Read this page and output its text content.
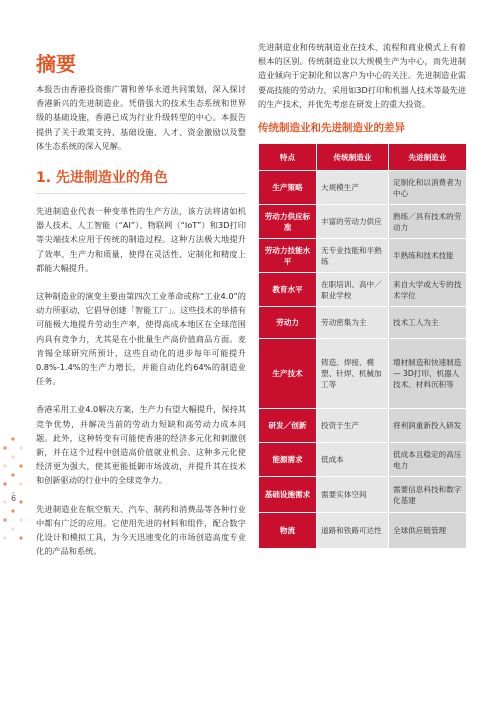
6
摘要

本报告由香港投资推广署和普华永道共同策划，深入探讨香港新兴的先进制造业。凭借强大的技术生态系统和世界级的基础设施，香港已成为行业升级转型的中心。本报告提供了关于政策支持、基础设施、人才、资金激励以及整体生态系统的深入见解。

1. 先进制造业的角色

先进制造业代表一种变革性的生产方法，该方法将诸如机器人技术、人工智能（“AI”）、物联网（“IoT”）和3D打印等尖端技术应用于传统的制造过程。这种方法极大地提升了效率、生产力和质量，使得在灵活性、定制化和精度上都能大幅提升。

这种制造业的演变主要由第四次工业革命或称“工业4.0”的动力所驱动，它倡导创建「智能工厂」。这些技术的举措有可能极大地提升劳动生产率，使得高成本地区在全球范围内具有竞争力，尤其是在小批量生产高价值商品方面。麦肯锡全球研究所预计，这些自动化的进步每年可能提升0.8%-1.4%的生产力增长，并能自动化约64%的制造业任务。

香港采用工业4.0解决方案，生产力有望大幅提升，保持其竞争优势，并解决当前的劳动力短缺和高劳动力成本问题。此外，这种转变有可能使香港的经济多元化和刺激创新，并在这个过程中创造高价值就业机会。这种多元化使经济更为强大，使其更能抵御市场波动，并提升其在技术和创新驱动的行业中的全球竞争力。

先进制造业在航空航天、汽车、制药和消费品等各种行业中都有广泛的应用。它使用先进的材料和组件，配合数字化设计和模拟工具，为今天迅速变化的市场创造高度专业化的产品和系统。

先进制造业和传统制造业在技术、流程和商业模式上有着根本的区别。传统制造业以大规模生产为中心，而先进制造业倾向于定制化和以客户为中心的关注。先进制造业需要高技能的劳动力，采用如3D打印和机器人技术等最先进的生产技术，并优先考虑在研发上的重大投资。

传统制造业和先进制造业的差异
特点	传统制造业	先进制造业
生产策略	大规模生产	定制化和以消费者为中心
劳动力供应标准	丰富的劳动力供应	熟练／具有技术的劳动力
劳动力技能水平	无专业技能和半熟练	半熟练和技术技能
教育水平	在职培训、高中／职业学校	来自大学或大专的技术学位
劳动力	劳动密集为主	技术工人为主
生产技术	铸造、焊接、模塑、针焊、机械加工等	增材制造和快速制造 — 3D打印、机器人技术、材料沉积等
研发／创新	投资于生产	将利润重新投入研发
能源需求	低成本	低成本且稳定的高压电力
基础设施需求	需要实体空间	需要信息科技和数字化基建
物流	道路和铁路可达性	全球供应链管理
